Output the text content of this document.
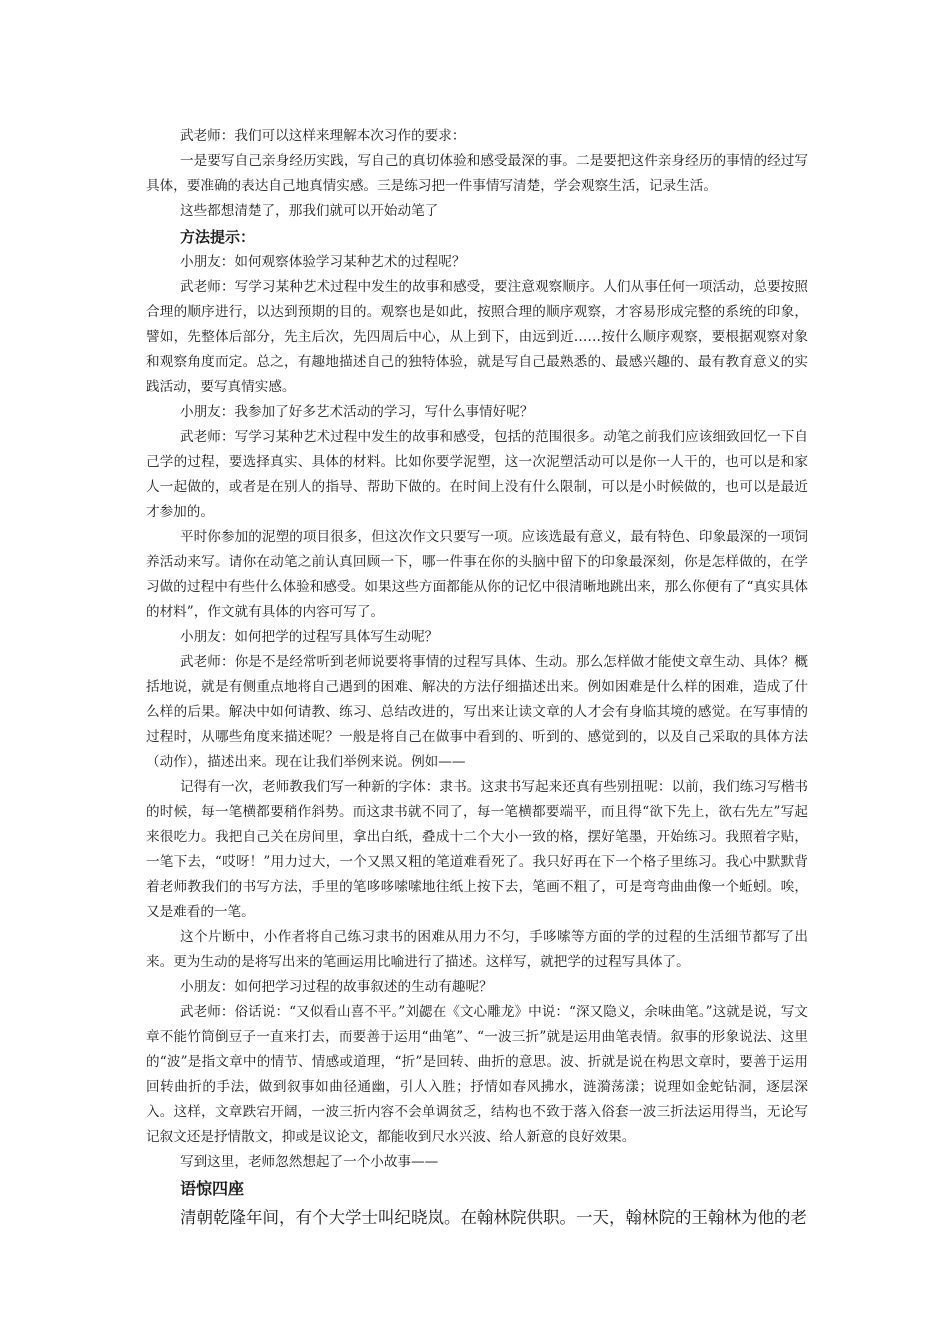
武老师：我们可以这样来理解本次习作的要求：

一是要写自己亲身经历实践，写自己的真切体验和感受最深的事。二是要把这件亲身经历的事情的经过写具体，要准确的表达自己地真情实感。三是练习把一件事情写清楚，学会观察生活，记录生活。

这些都想清楚了，那我们就可以开始动笔了

方法提示：

小朋友：如何观察体验学习某种艺术的过程呢？

武老师：写学习某种艺术过程中发生的故事和感受，要注意观察顺序。人们从事任何一项活动，总要按照合理的顺序进行，以达到预期的目的。观察也是如此，按照合理的顺序观察，才容易形成完整的系统的印象，譬如，先整体后部分，先主后次，先四周后中心，从上到下，由远到近……按什么顺序观察，要根据观察对象和观察角度而定。总之，有趣地描述自己的独特体验，就是写自己最熟悉的、最感兴趣的、最有教育意义的实践活动，要写真情实感。

小朋友：我参加了好多艺术活动的学习，写什么事情好呢？

武老师：写学习某种艺术过程中发生的故事和感受，包括的范围很多。动笔之前我们应该细致回忆一下自己学的过程，要选择真实、具体的材料。比如你要学泥塑，这一次泥塑活动可以是你一人干的，也可以是和家人一起做的，或者是在别人的指导、帮助下做的。在时间上没有什么限制，可以是小时候做的，也可以是最近才参加的。

平时你参加的泥塑的项目很多，但这次作文只要写一项。应该选最有意义，最有特色、印象最深的一项饲养活动来写。请你在动笔之前认真回顾一下，哪一件事在你的头脑中留下的印象最深刻，你是怎样做的，在学习做的过程中有些什么体验和感受。如果这些方面都能从你的记忆中很清晰地跳出来，那么你便有了“真实具体的材料”，作文就有具体的内容可写了。

小朋友：如何把学的过程写具体写生动呢？

武老师：你是不是经常听到老师说要将事情的过程写具体、生动。那么怎样做才能使文章生动、具体？概括地说，就是有侧重点地将自己遇到的困难、解决的方法仔细描述出来。例如困难是什么样的困难，造成了什么样的后果。解决中如何请教、练习、总结改进的，写出来让读文章的人才会有身临其境的感觉。在写事情的过程时，从哪些角度来描述呢？一般是将自己在做事中看到的、听到的、感觉到的，以及自己采取的具体方法（动作），描述出来。现在让我们举例来说。例如——

记得有一次，老师教我们写一种新的字体：隶书。这隶书写起来还真有些别扭呢：以前，我们练习写楷书的时候，每一笔横都要稍作斜势。而这隶书就不同了，每一笔横都要端平，而且得“欲下先上，欲右先左”写起来很吃力。我把自己关在房间里，拿出白纸，叠成十二个大小一致的格，摆好笔墨，开始练习。我照着字贴，一笔下去，“哎呀！”用力过大，一个又黑又粗的笔道难看死了。我只好再在下一个格子里练习。我心中默默背着老师教我们的书写方法，手里的笔哆哆嗦嗦地往纸上按下去，笔画不粗了，可是弯弯曲曲像一个蚯蚓。唉，又是难看的一笔。

这个片断中，小作者将自己练习隶书的困难从用力不匀，手哆嗦等方面的学的过程的生活细节都写了出来。更为生动的是将写出来的笔画运用比喻进行了描述。这样写，就把学的过程写具体了。

小朋友：如何把学习过程的故事叙述的生动有趣呢？

武老师：俗话说：“又似看山喜不平。”刘勰在《文心雕龙》中说：“深又隐义，余味曲笔。”这就是说，写文章不能竹筒倒豆子一直来打去，而要善于运用“曲笔”、“一波三折”就是运用曲笔表情。叙事的形象说法、这里的“波”是指文章中的情节、情感或道理，“折”是回转、曲折的意思。波、折就是说在构思文章时，要善于运用回转曲折的手法，做到叙事如曲径通幽，引人入胜；抒情如春风拂水，涟漪荡漾；说理如金蛇钻洞，逐层深入。这样，文章跌宕开阔，一波三折内容不会单调贫乏，结构也不致于落入俗套一波三折法运用得当，无论写记叙文还是抒情散文，抑或是议论文，都能收到尺水兴波、给人新意的良好效果。

写到这里，老师忽然想起了一个小故事——

语惊四座

清朝乾隆年间，有个大学士叫纪晓岚。在翰林院供职。一天，翰林院的王翰林为他的老
